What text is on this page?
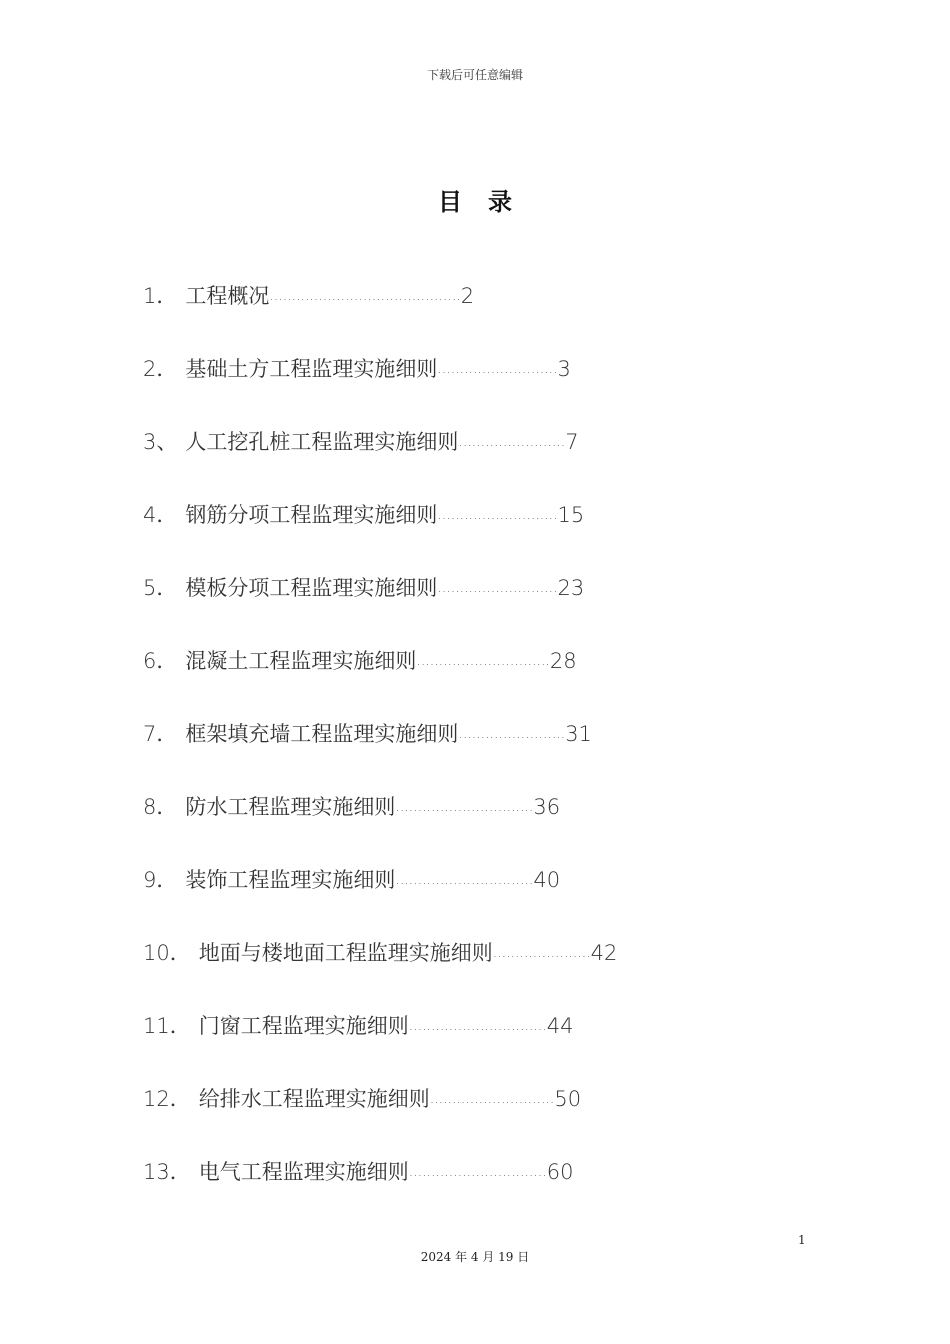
下载后可任意编辑
目录
1． 工程概况 ........................................... 2
2． 基础土方工程监理实施细则 ........................... 3
3、 人工挖孔桩工程监理实施细则 ........................ 7
4． 钢筋分项工程监理实施细则 ........................... 15
5． 模板分项工程监理实施细则 ........................... 23
6． 混凝土工程监理实施细则 .............................. 28
7． 框架填充墙工程监理实施细则 ........................ 31
8． 防水工程监理实施细则 ............................... 36
9． 装饰工程监理实施细则 ............................... 40
10． 地面与楼地面工程监理实施细则 ...................... 42
11． 门窗工程监理实施细则 ............................... 44
12． 给排水工程监理实施细则 ............................ 50
13． 电气工程监理实施细则 ............................... 60
1
2024 年 4 月 19 日
